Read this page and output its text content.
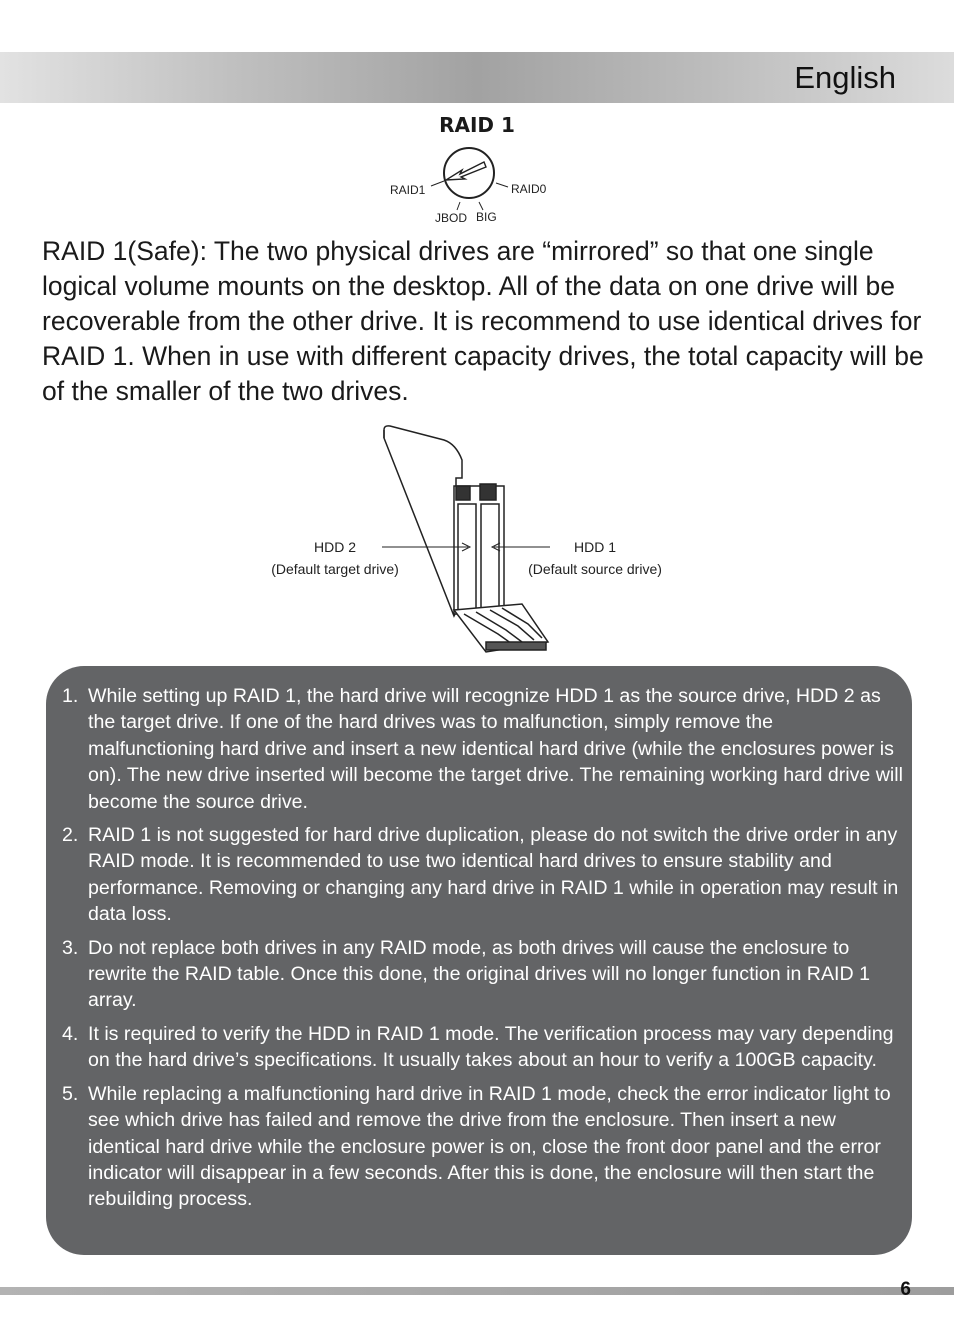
English
RAID 1
RAID1	RAID0
JBOD BIG

RAID 1(Safe): The two physical drives are “mirrored” so that one single logical volume mounts on the desktop. All of the data on one drive will be recoverable from the other drive. It is recommend to use identical drives for RAID 1. When in use with different capacity drives, the total capacity will be of the smaller of the two drives.

HDD 2
(Default target drive)
HDD 1
(Default source drive)
1. While setting up RAID 1, the hard drive will recognize HDD 1 as the source drive, HDD 2 as the target drive. If one of the hard drives was to malfunction, simply remove the malfunctioning hard drive and insert a new identical hard drive (while the enclosures power is on). The new drive inserted will become the target drive. The remaining working hard drive will become the source drive.
2. RAID 1 is not suggested for hard drive duplication, please do not switch the drive order in any RAID mode. It is recommended to use two identical hard drives to ensure stability and performance. Removing or changing any hard drive in RAID 1 while in operation may result in data loss.
3. Do not replace both drives in any RAID mode, as both drives will cause the enclosure to rewrite the RAID table. Once this done, the original drives will no longer function in RAID 1 array.
4. It is required to verify the HDD in RAID 1 mode. The verification process may vary depending on the hard drive’s specifications. It usually takes about an hour to verify a 100GB capacity.
5. While replacing a malfunctioning hard drive in RAID 1 mode, check the error indicator light to see which drive has failed and remove the drive from the enclosure. Then insert a new identical hard drive while the enclosure power is on, close the front door panel and the error indicator will disappear in a few seconds. After this is done, the enclosure will then start the rebuilding process.
6
